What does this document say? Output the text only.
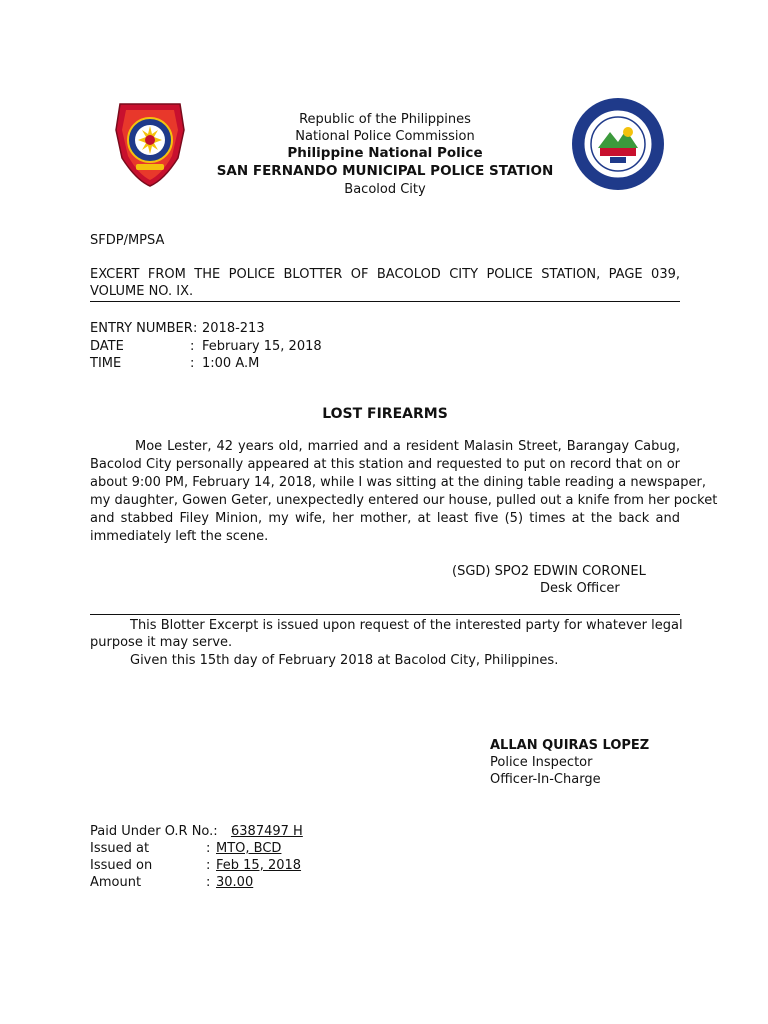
Republic of the Philippines
National Police Commission
Philippine National Police
SAN FERNANDO MUNICIPAL POLICE STATION
Bacolod City
SFDP/MPSA
EXCERT FROM THE POLICE BLOTTER OF BACOLOD CITY POLICE STATION, PAGE 039,
VOLUME NO. IX.
ENTRY NUMBER : 2018-213
DATE	: February 15, 2018
TIME	: 1:00 A.M
LOST FIREARMS
Moe Lester, 42 years old, married and a resident Malasin Street, Barangay Cabug,
Bacolod City personally appeared at this station and requested to put on record that on or
about 9:00 PM, February 14, 2018, while I was sitting at the dining table reading a newspaper,
my daughter, Gowen Geter, unexpectedly entered our house, pulled out a knife from her pocket
and stabbed Filey Minion, my wife, her mother, at least five (5) times at the back and
immediately left the scene.
(SGD) SPO2 EDWIN CORONEL
Desk Officer
This Blotter Excerpt is issued upon request of the interested party for whatever legal
purpose it may serve.
Given this 15th day of February 2018 at Bacolod City, Philippines.
ALLAN QUIRAS LOPEZ
Police Inspector
Officer-In-Charge
Paid Under O.R No.: 6387497 H
Issued at	: MTO, BCD
Issued on	: Feb 15, 2018
Amount	: 30.00
